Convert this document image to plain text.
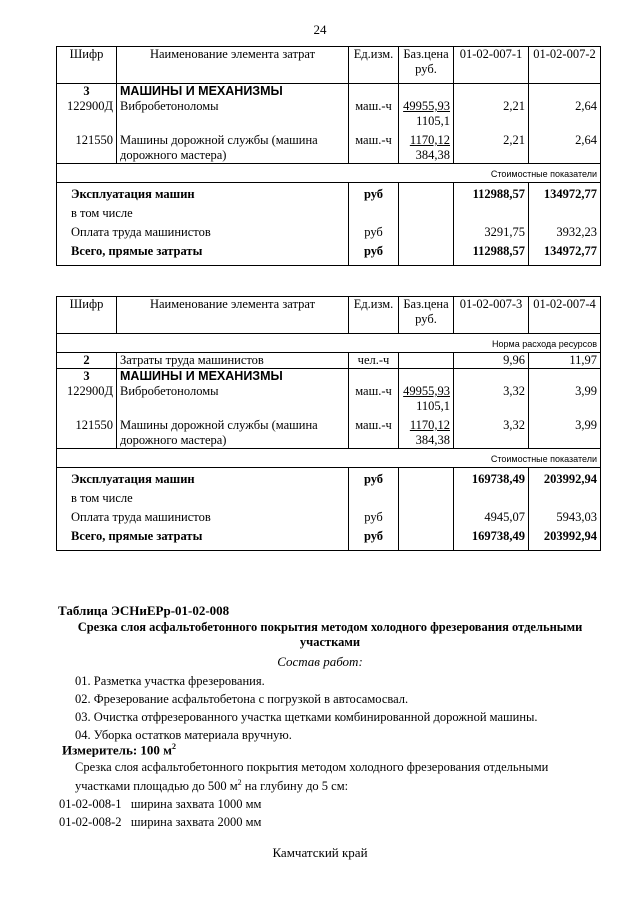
24
Шифр	Наименование элемента затрат	Ед.изм.	Баз.цена
руб.	01-02-007-1	01-02-007-2
3	МАШИНЫ И МЕХАНИЗМЫ				
122900Д	Вибробетоноломы	маш.-ч	49955,93
1105,1	2,21	2,64
121550	Машины дорожной службы (машина
дорожного мастера)	маш.-ч	1170,12
384,38	2,21	2,64
Стоимостные показатели					
Эксплуатация машин		руб		112988,57	134972,77
в том числе					
Оплата труда машинистов		руб		3291,75	3932,23
Всего, прямые затраты		руб		112988,57	134972,77
Шифр	Наименование элемента затрат	Ед.изм.	Баз.цена
руб.	01-02-007-3	01-02-007-4
Норма расхода ресурсов					
2	Затраты труда машинистов	чел.-ч		9,96	11,97
3	МАШИНЫ И МЕХАНИЗМЫ				
122900Д	Вибробетоноломы	маш.-ч	49955,93
1105,1	3,32	3,99
121550	Машины дорожной службы (машина
дорожного мастера)	маш.-ч	1170,12
384,38	3,32	3,99
Стоимостные показатели					
Эксплуатация машин		руб		169738,49	203992,94
в том числе					
Оплата труда машинистов		руб		4945,07	5943,03
Всего, прямые затраты		руб		169738,49	203992,94
Таблица ЭСНиЕРр-01-02-008
Срезка слоя асфальтобетонного покрытия методом холодного фрезерования отдельными
участками
Состав работ:
01. Разметка участка фрезерования.
02. Фрезерование асфальтобетона с погрузкой в автосамосвал.
03. Очистка отфрезерованного участка щетками комбинированной дорожной машины.
04. Уборка остатков материала вручную.
Измеритель: 100 $м^2$
Срезка слоя асфальтобетонного покрытия методом холодного фрезерования отдельными
участками площадью до 500 $м^2$ на глубину до 5 см:
01-02-008-1 ширина захвата 1000 мм
01-02-008-2 ширина захвата 2000 мм
Камчатский край
